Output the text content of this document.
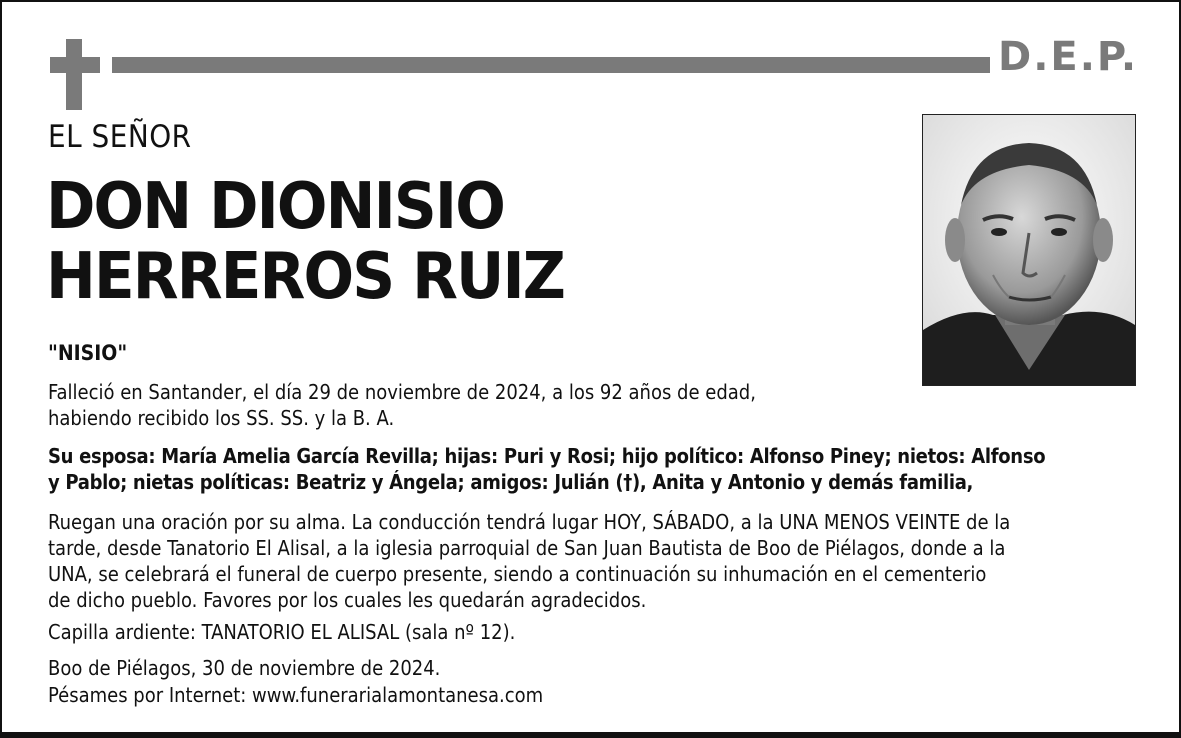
D.E.P.
EL SEÑOR
DON DIONISIO
HERREROS RUIZ
"NISIO"
Falleció en Santander, el día 29 de noviembre de 2024, a los 92 años de edad,
habiendo recibido los SS. SS. y la B. A.
Su esposa: María Amelia García Revilla; hijas: Puri y Rosi; hijo político: Alfonso Piney; nietos: Alfonso
y Pablo; nietas políticas: Beatriz y Ángela; amigos: Julián (†), Anita y Antonio y demás familia,
Ruegan una oración por su alma. La conducción tendrá lugar HOY, SÁBADO, a la UNA MENOS VEINTE de la
tarde, desde Tanatorio El Alisal, a la iglesia parroquial de San Juan Bautista de Boo de Piélagos, donde a la
UNA, se celebrará el funeral de cuerpo presente, siendo a continuación su inhumación en el cementerio
de dicho pueblo. Favores por los cuales les quedarán agradecidos.
Capilla ardiente: TANATORIO EL ALISAL (sala nº 12).
Boo de Piélagos, 30 de noviembre de 2024.
Pésames por Internet: www.funerarialamontanesa.com
